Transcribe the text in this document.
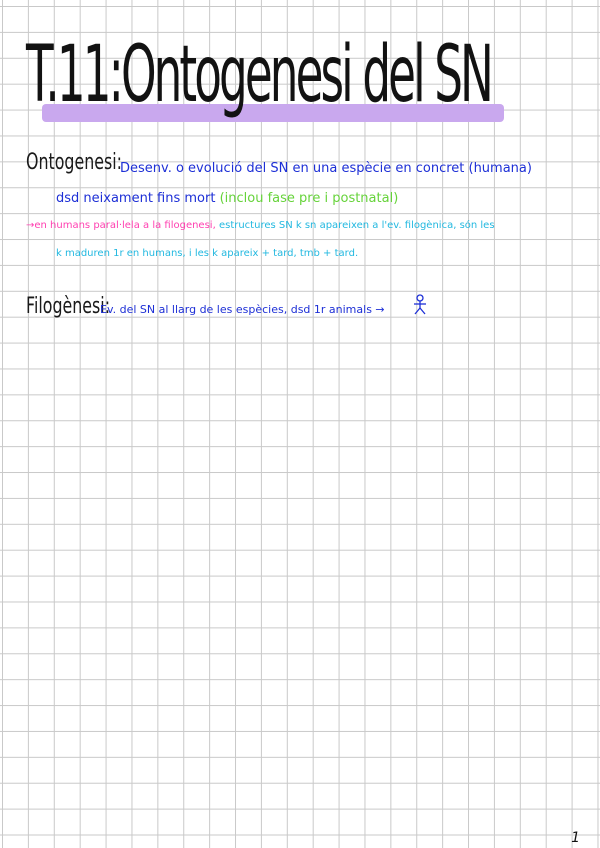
T.11:Ontogenesi del SN
Ontogenesi:
Desenv. o evolució del SN en una espècie en concret (humana)
dsd neixament fins mort (inclou fase pre i postnatal)
→en humans paral·lela a la filogenesi, estructures SN k sn apareixen a l'ev. filogènica, són les
k maduren 1r en humans, i les k apareix + tard, tmb + tard.
Filogènesi:
Ev. del SN al llarg de les espècies, dsd 1r animals →
1
